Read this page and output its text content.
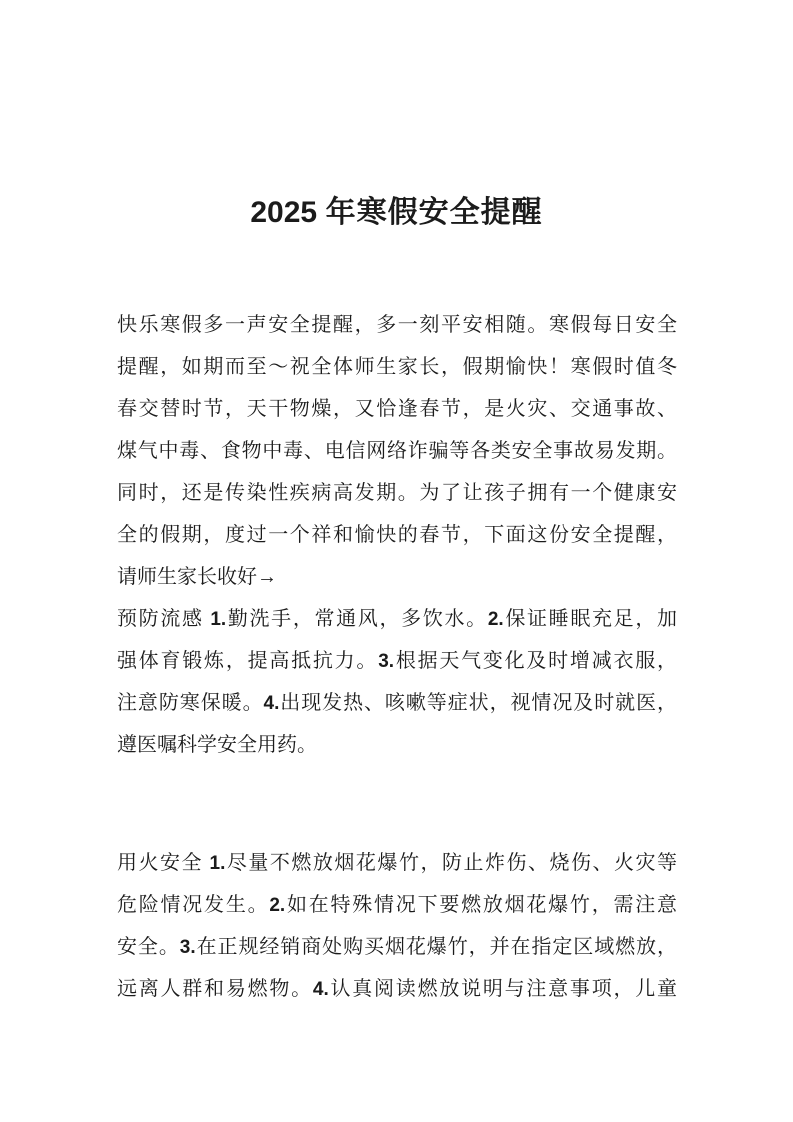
2025 年寒假安全提醒
快乐寒假多一声安全提醒，多一刻平安相随。寒假每日安全
提醒，如期而至～祝全体师生家长，假期愉快！寒假时值冬
春交替时节，天干物燥，又恰逢春节，是火灾、交通事故、
煤气中毒、食物中毒、电信网络诈骗等各类安全事故易发期。
同时，还是传染性疾病高发期。为了让孩子拥有一个健康安
全的假期，度过一个祥和愉快的春节，下面这份安全提醒，
请师生家长收好→
预防流感 1.勤洗手，常通风，多饮水。2.保证睡眠充足，加
强体育锻炼，提高抵抗力。3.根据天气变化及时增减衣服，
注意防寒保暖。4.出现发热、咳嗽等症状，视情况及时就医，
遵医嘱科学安全用药。
用火安全 1.尽量不燃放烟花爆竹，防止炸伤、烧伤、火灾等
危险情况发生。2.如在特殊情况下要燃放烟花爆竹，需注意
安全。3.在正规经销商处购买烟花爆竹，并在指定区域燃放，
远离人群和易燃物。4.认真阅读燃放说明与注意事项，儿童
